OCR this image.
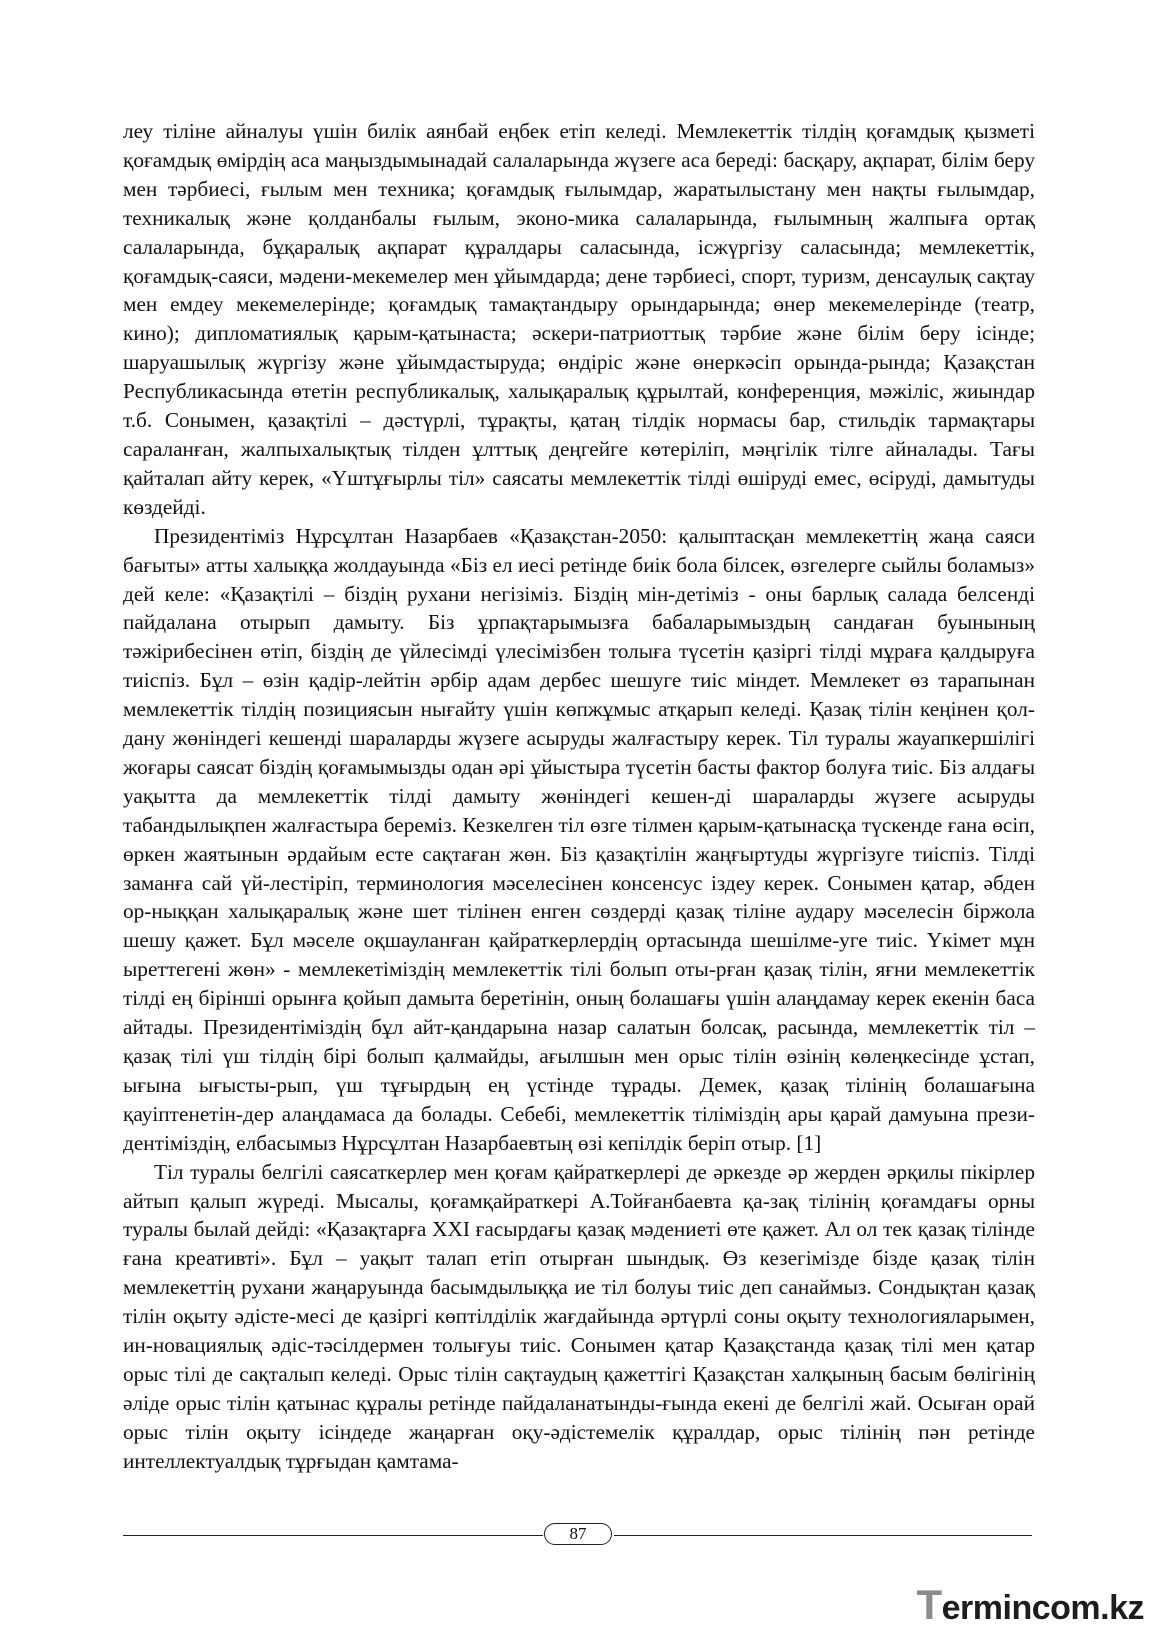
леу тіліне айналуы үшін билік аянбай еңбек етіп келеді. Мемлекеттік тілдің қоғамдық қызметі қоғамдық өмірдің аса маңыздымынадай салаларында жүзеге аса береді: басқару, ақпарат, білім беру мен тәрбиесі, ғылым мен техника; қоғамдық ғылымдар, жаратылыстану мен нақты ғылымдар, техникалық және қолданбалы ғылым, эконо-мика салаларында, ғылымның жалпыға ортақ салаларында, бұқаралық ақпарат құралдары саласында, ісжүргізу саласында; мемлекеттік, қоғамдық-саяси, мәдени-мекемелер мен ұйымдарда; дене тәрбиесі, спорт, туризм, денсаулық сақтау мен емдеу мекемелерінде; қоғамдық тамақтандыру орындарында; өнер мекемелерінде (театр, кино); дипломатиялық қарым-қатынаста; әскери-патриоттық тәрбие және білім беру ісінде; шаруашылық жүргізу және ұйымдастыруда; өндіріс және өнеркәсіп орында-рында; Қазақстан Республикасында өтетін республикалық, халықаралық құрылтай, конференция, мәжіліс, жиындар т.б. Сонымен, қазақтілі – дәстүрлі, тұрақты, қатаң тілдік нормасы бар, стильдік тармақтары сараланған, жалпыхалықтық тілден ұлттық деңгейге көтеріліп, мәңгілік тілге айналады. Тағы қайталап айту керек, «Үштұғырлы тіл» саясаты мемлекеттік тілді өшіруді емес, өсіруді, дамытуды көздейді.

Президентіміз Нұрсұлтан Назарбаев «Қазақстан-2050: қалыптасқан мемлекеттің жаңа саяси бағыты» атты халыққа жолдауында «Біз ел иесі ретінде биік бола білсек, өзгелерге сыйлы боламыз» дей келе: «Қазақтілі – біздің рухани негізіміз. Біздің мін-детіміз - оны барлық салада белсенді пайдалана отырып дамыту. Біз ұрпақтарымызға бабаларымыздың сандаған буынының тәжірибесінен өтіп, біздің де үйлесімді үлесімізбен толыға түсетін қазіргі тілді мұраға қалдыруға тиіспіз. Бұл – өзін қадір-лейтін әрбір адам дербес шешуге тиіс міндет. Мемлекет өз тарапынан мемлекеттік тілдің позициясын нығайту үшін көпжұмыс атқарып келеді. Қазақ тілін кеңінен қол-дану жөніндегі кешенді шараларды жүзеге асыруды жалғастыру керек. Тіл туралы жауапкершілігі жоғары саясат біздің қоғамымызды одан әрі ұйыстыра түсетін басты фактор болуға тиіс. Біз алдағы уақытта да мемлекеттік тілді дамыту жөніндегі кешен-ді шараларды жүзеге асыруды табандылықпен жалғастыра береміз. Кезкелген тіл өзге тілмен қарым-қатынасқа түскенде ғана өсіп, өркен жаятынын әрдайым есте сақтаған жөн. Біз қазақтілін жаңғыртуды жүргізуге тиіспіз. Тілді заманға сай үй-лестіріп, терминология мәселесінен консенсус іздеу керек. Сонымен қатар, әбден ор-ныққан халықаралық және шет тілінен енген сөздерді қазақ тіліне аудару мәселесін біржола шешу қажет. Бұл мәселе оқшауланған қайраткерлердің ортасында шешілме-уге тиіс. Үкімет мұн ыреттегені жөн» - мемлекетіміздің мемлекеттік тілі болып оты-рған қазақ тілін, яғни мемлекеттік тілді ең бірінші орынға қойып дамыта беретінін, оның болашағы үшін алаңдамау керек екенін баса айтады. Президентіміздің бұл айт-қандарына назар салатын болсақ, расында, мемлекеттік тіл – қазақ тілі үш тілдің бірі болып қалмайды, ағылшын мен орыс тілін өзінің көлеңкесінде ұстап, ығына ығысты-рып, үш тұғырдың ең үстінде тұрады. Демек, қазақ тілінің болашағына қауіптенетін-дер алаңдамаса да болады. Себебі, мемлекеттік тіліміздің ары қарай дамуына прези-дентіміздің, елбасымыз Нұрсұлтан Назарбаевтың өзі кепілдік беріп отыр. [1]

Тіл туралы белгілі саясаткерлер мен қоғам қайраткерлері де әркезде әр жерден әрқилы пікірлер айтып қалып жүреді. Мысалы, қоғамқайраткері А.Тойғанбаевта қа-зақ тілінің қоғамдағы орны туралы былай дейді: «Қазақтарға XXI ғасырдағы қазақ мәдениеті өте қажет. Ал ол тек қазақ тілінде ғана креативті». Бұл – уақыт талап етіп отырған шындық. Өз кезегімізде бізде қазақ тілін мемлекеттің рухани жаңаруында басымдылыққа ие тіл болуы тиіс деп санаймыз. Сондықтан қазақ тілін оқыту әдісте-месі де қазіргі көптілділік жағдайында әртүрлі соны оқыту технологияларымен, ин-новациялық әдіс-тәсілдермен толығуы тиіс. Сонымен қатар Қазақстанда қазақ тілі мен қатар орыс тілі де сақталып келеді. Орыс тілін сақтаудың қажеттігі Қазақстан халқының басым бөлігінің әліде орыс тілін қатынас құралы ретінде пайдаланатынды-ғында екені де белгілі жай. Осыған орай орыс тілін оқыту ісіндеде жаңарған оқу-әдістемелік құралдар, орыс тілінің пән ретінде интеллектуалдық тұрғыдан қамтама-

87
Termincom.kz
